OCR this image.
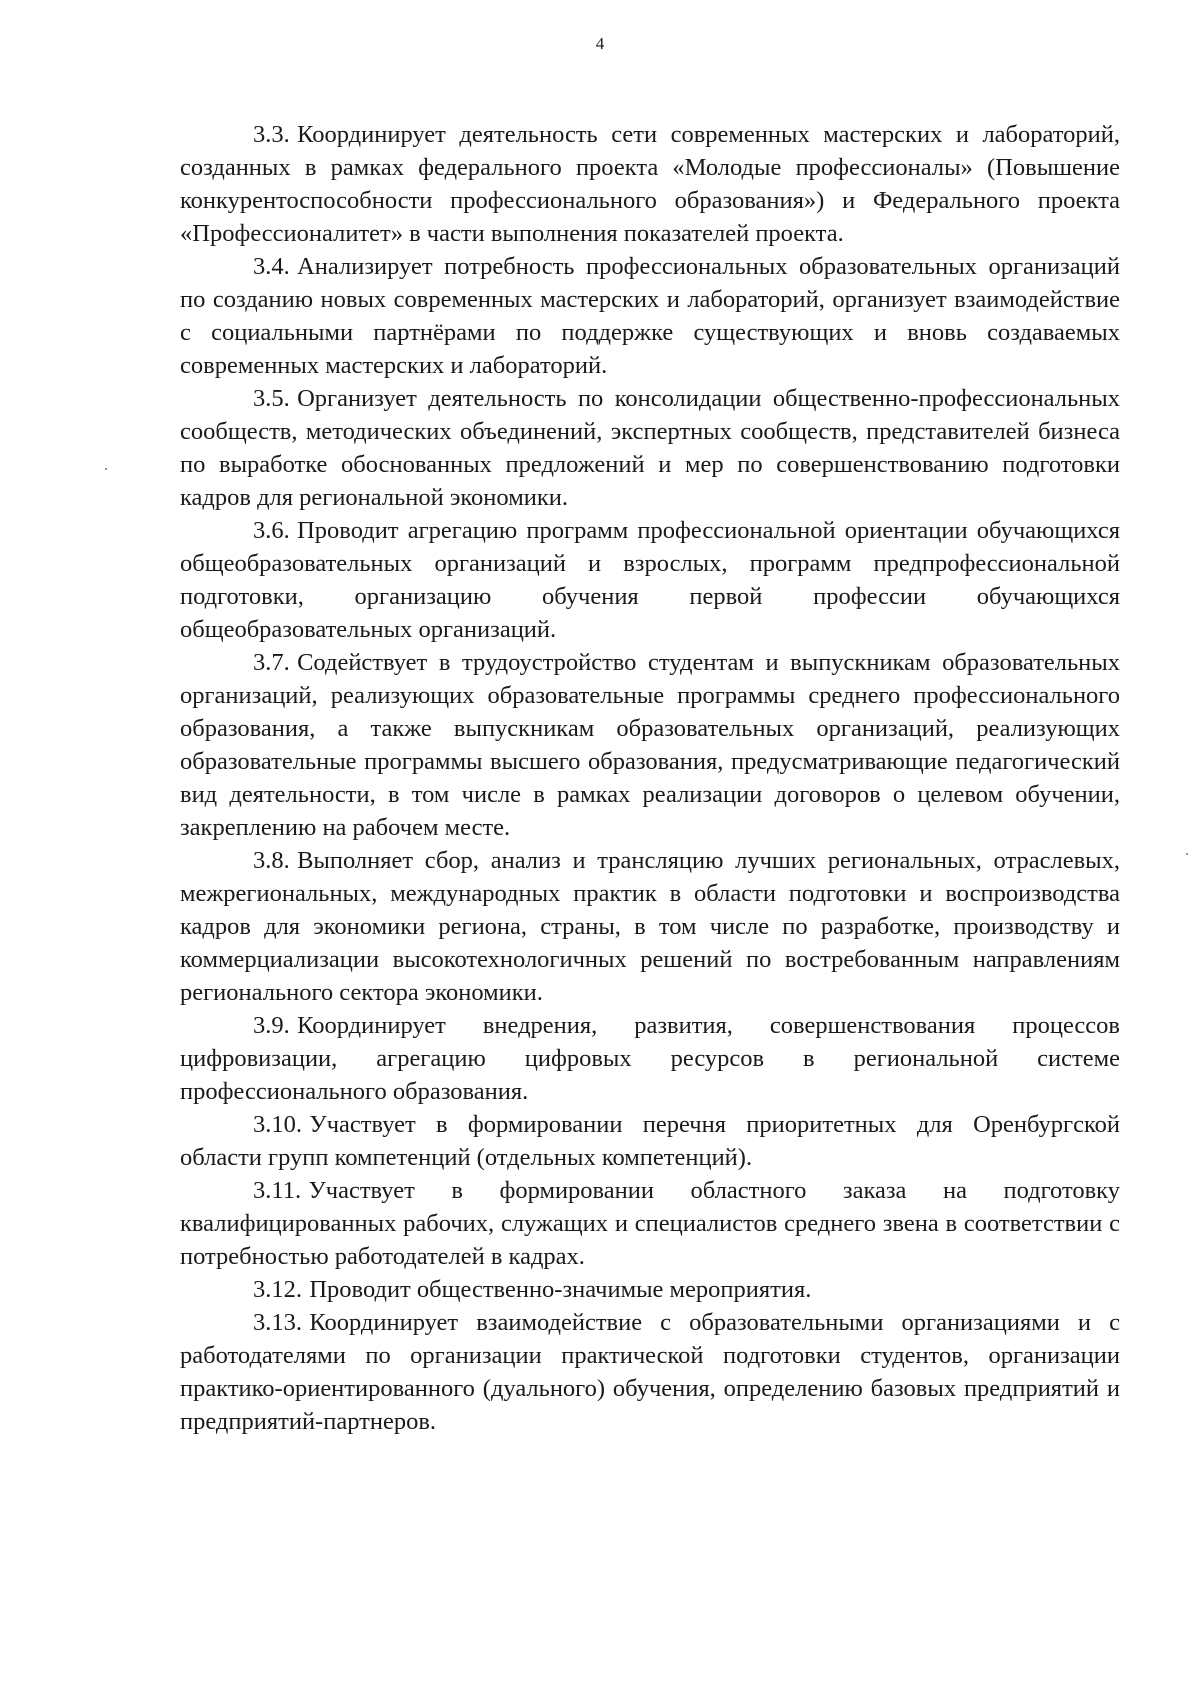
4

3.3. Координирует деятельность сети современных мастерских и лабораторий, созданных в рамках федерального проекта «Молодые профессионалы» (Повышение конкурентоспособности профессионального образования») и Федерального проекта «Профессионалитет» в части выполнения показателей проекта.

3.4. Анализирует потребность профессиональных образовательных организаций по созданию новых современных мастерских и лабораторий, организует взаимодействие с социальными партнёрами по поддержке существующих и вновь создаваемых современных мастерских и лабораторий.

3.5. Организует деятельность по консолидации общественно-профессиональных сообществ, методических объединений, экспертных сообществ, представителей бизнеса по выработке обоснованных предложений и мер по совершенствованию подготовки кадров для региональной экономики.

3.6. Проводит агрегацию программ профессиональной ориентации обучающихся общеобразовательных организаций и взрослых, программ предпрофессиональной подготовки, организацию обучения первой профессии обучающихся общеобразовательных организаций.

3.7. Содействует в трудоустройство студентам и выпускникам образовательных организаций, реализующих образовательные программы среднего профессионального образования, а также выпускникам образовательных организаций, реализующих образовательные программы высшего образования, предусматривающие педагогический вид деятельности, в том числе в рамках реализации договоров о целевом обучении, закреплению на рабочем месте.

3.8. Выполняет сбор, анализ и трансляцию лучших региональных, отраслевых, межрегиональных, международных практик в области подготовки и воспроизводства кадров для экономики региона, страны, в том числе по разработке, производству и коммерциализации высокотехнологичных решений по востребованным направлениям регионального сектора экономики.

3.9. Координирует внедрения, развития, совершенствования процессов цифровизации, агрегацию цифровых ресурсов в региональной системе профессионального образования.

3.10. Участвует в формировании перечня приоритетных для Оренбургской области групп компетенций (отдельных компетенций).

3.11. Участвует в формировании областного заказа на подготовку квалифицированных рабочих, служащих и специалистов среднего звена в соответствии с потребностью работодателей в кадрах.

3.12. Проводит общественно-значимые мероприятия.

3.13. Координирует взаимодействие с образовательными организациями и с работодателями по организации практической подготовки студентов, организации практико-ориентированного (дуального) обучения, определению базовых предприятий и предприятий-партнеров.
